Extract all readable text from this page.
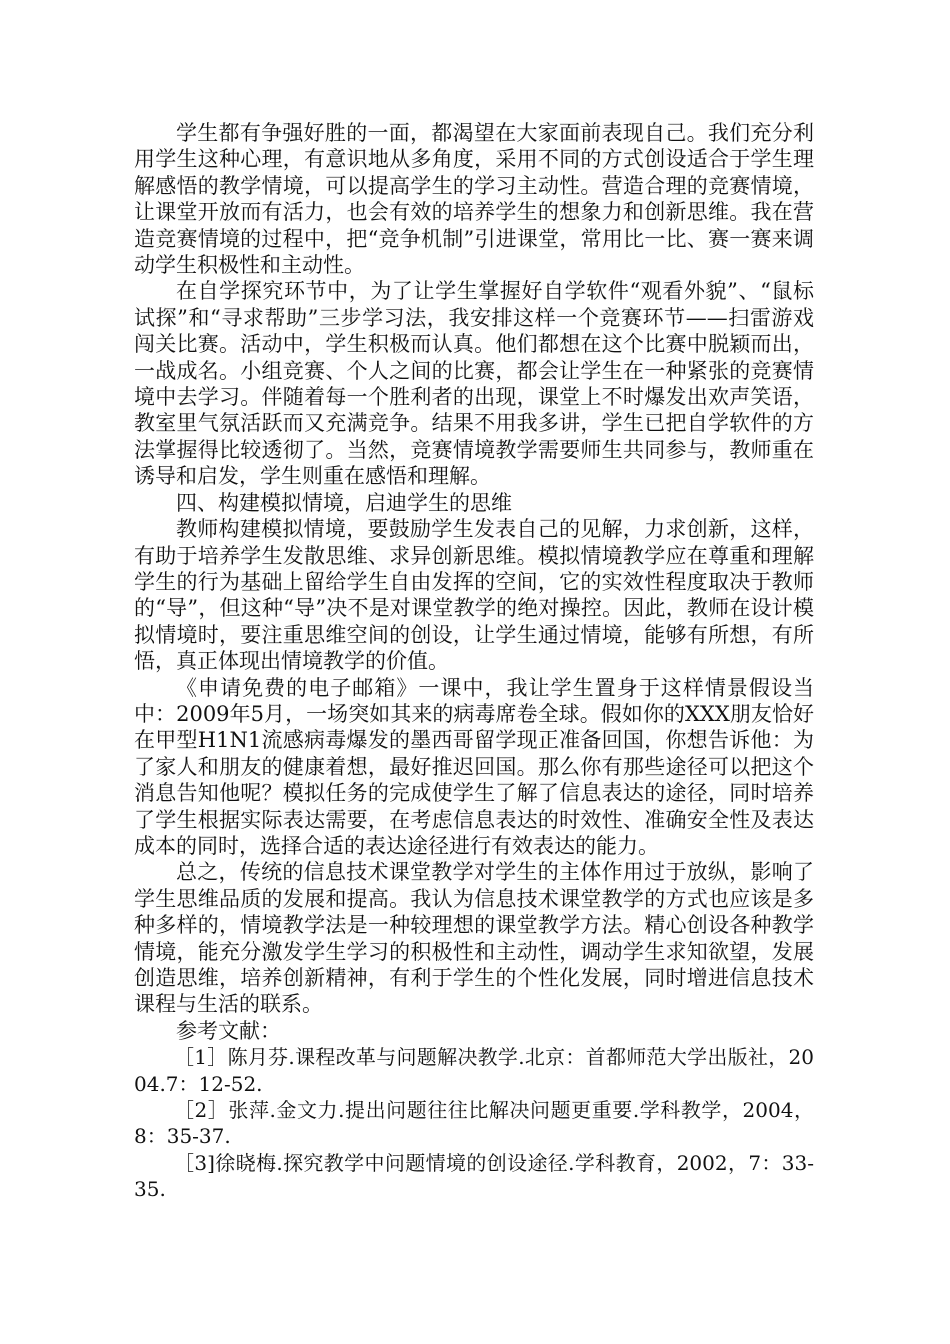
学生都有争强好胜的一面，都渴望在大家面前表现自己。我们充分利用学生这种心理，有意识地从多角度，采用不同的方式创设适合于学生理解感悟的教学情境，可以提高学生的学习主动性。营造合理的竞赛情境，让课堂开放而有活力，也会有效的培养学生的想象力和创新思维。我在营造竞赛情境的过程中，把“竞争机制”引进课堂，常用比一比、赛一赛来调动学生积极性和主动性。

在自学探究环节中，为了让学生掌握好自学软件“观看外貌”、“鼠标试探”和“寻求帮助”三步学习法，我安排这样一个竞赛环节——扫雷游戏闯关比赛。活动中，学生积极而认真。他们都想在这个比赛中脱颖而出，一战成名。小组竞赛、个人之间的比赛，都会让学生在一种紧张的竞赛情境中去学习。伴随着每一个胜利者的出现，课堂上不时爆发出欢声笑语，教室里气氛活跃而又充满竞争。结果不用我多讲，学生已把自学软件的方法掌握得比较透彻了。当然，竞赛情境教学需要师生共同参与，教师重在诱导和启发，学生则重在感悟和理解。

四、构建模拟情境，启迪学生的思维

教师构建模拟情境，要鼓励学生发表自己的见解，力求创新，这样，有助于培养学生发散思维、求异创新思维。模拟情境教学应在尊重和理解学生的行为基础上留给学生自由发挥的空间，它的实效性程度取决于教师的“导”，但这种“导”决不是对课堂教学的绝对操控。因此，教师在设计模拟情境时，要注重思维空间的创设，让学生通过情境，能够有所想，有所悟，真正体现出情境教学的价值。

《申请免费的电子邮箱》一课中，我让学生置身于这样情景假设当中：2009年5月，一场突如其来的病毒席卷全球。假如你的XXX朋友恰好在甲型H1N1流感病毒爆发的墨西哥留学现正准备回国，你想告诉他：为了家人和朋友的健康着想，最好推迟回国。那么你有那些途径可以把这个消息告知他呢？模拟任务的完成使学生了解了信息表达的途径，同时培养了学生根据实际表达需要，在考虑信息表达的时效性、准确安全性及表达成本的同时，选择合适的表达途径进行有效表达的能力。

总之，传统的信息技术课堂教学对学生的主体作用过于放纵，影响了学生思维品质的发展和提高。我认为信息技术课堂教学的方式也应该是多种多样的，情境教学法是一种较理想的课堂教学方法。精心创设各种教学情境，能充分激发学生学习的积极性和主动性，调动学生求知欲望，发展创造思维，培养创新精神，有利于学生的个性化发展，同时增进信息技术课程与生活的联系。

参考文献：

［1］陈月芬.课程改革与问题解决教学.北京：首都师范大学出版社，2004.7：12-52.

［2］张萍.金文力.提出问题往往比解决问题更重要.学科教学，2004，8：35-37.

［3]徐晓梅.探究教学中问题情境的创设途径.学科教育，2002，7：33-35.
